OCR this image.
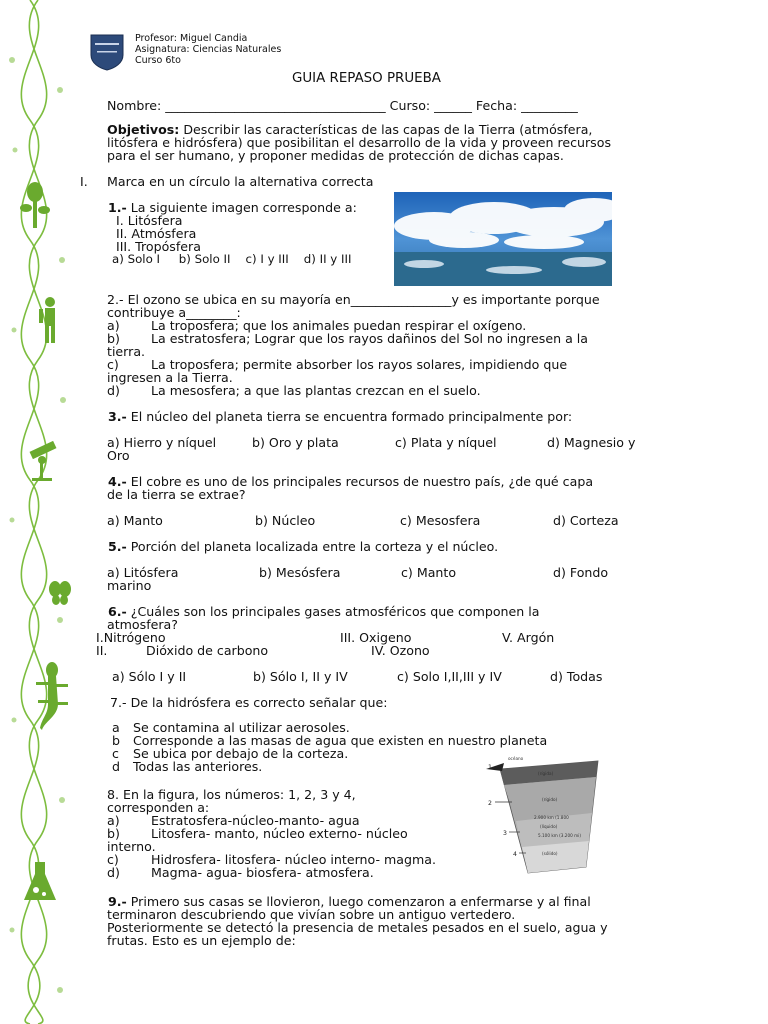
Profesor: Miguel Candia
Asignatura: Ciencias Naturales
Curso 6to
GUIA REPASO PRUEBA
Nombre: ___________________________________ Curso: ______ Fecha: _________
Objetivos: Describir las características de las capas de la Tierra (atmósfera,
litósfera e hidrósfera) que posibilitan el desarrollo de la vida y proveen recursos
para el ser humano, y proponer medidas de protección de dichas capas.
I. Marca en un círculo la alternativa correcta
1.- La siguiente imagen corresponde a:
I. Litósfera
II. Atmósfera
III. Tropósfera
a) Solo I     b) Solo II    c) I y III    d) II y III
2.- El ozono se ubica en su mayoría en________________y es importante porque
contribuye a________:
a) La troposfera; que los animales puedan respirar el oxígeno.
b) La estratosfera; Lograr que los rayos dañinos del Sol no ingresen a la
tierra.
c)	La troposfera; permite absorber los rayos solares, impidiendo que
ingresen a la Tierra.
d) La mesosfera; a que las plantas crezcan en el suelo.
3.- El núcleo del planeta tierra se encuentra formado principalmente por:
a) Hierro y níquel	b) Oro y plata	c) Plata y níquel	d) Magnesio y
Oro
4.- El cobre es uno de los principales recursos de nuestro país, ¿de qué capa
de la tierra se extrae?
a) Manto	b) Núcleo	c) Mesosfera	d) Corteza
5.- Porción del planeta localizada entre la corteza y el núcleo.
a) Litósfera	b) Mesósfera	c) Manto	d) Fondo
marino
6.- ¿Cuáles son los principales gases atmosféricos que componen la
atmosfera?
I.Nitrógeno	III. Oxigeno	V. Argón
II.	Dióxido de carbono	IV. Ozono
a) Sólo I y II	b) Sólo I, II y IV	c) Solo I,II,III y IV	d) Todas
7.- De la hidrósfera es correcto señalar que:
a Se contamina al utilizar aerosoles.
b Corresponde a las masas de agua que existen en nuestro planeta
c Se ubica por debajo de la corteza.
d Todas las anteriores.
8. En la figura, los números: 1, 2, 3 y 4,
corresponden a:
a) Estratosfera-núcleo-manto- agua
b) Litosfera- manto, núcleo externo- núcleo
interno.
c)	Hidrosfera- litosfera- núcleo interno- magma.
d) Magma- agua- biosfera- atmosfera.
1
2
3
4
océano
(rígida)
(rígido)
2.900 km (1.800
(líquido)
5.100 km (3.200 mi)
(sólido)
9.- Primero sus casas se llovieron, luego comenzaron a enfermarse y al final
terminaron descubriendo que vivían sobre un antiguo vertedero.
Posteriormente se detectó la presencia de metales pesados en el suelo, agua y
frutas. Esto es un ejemplo de:
